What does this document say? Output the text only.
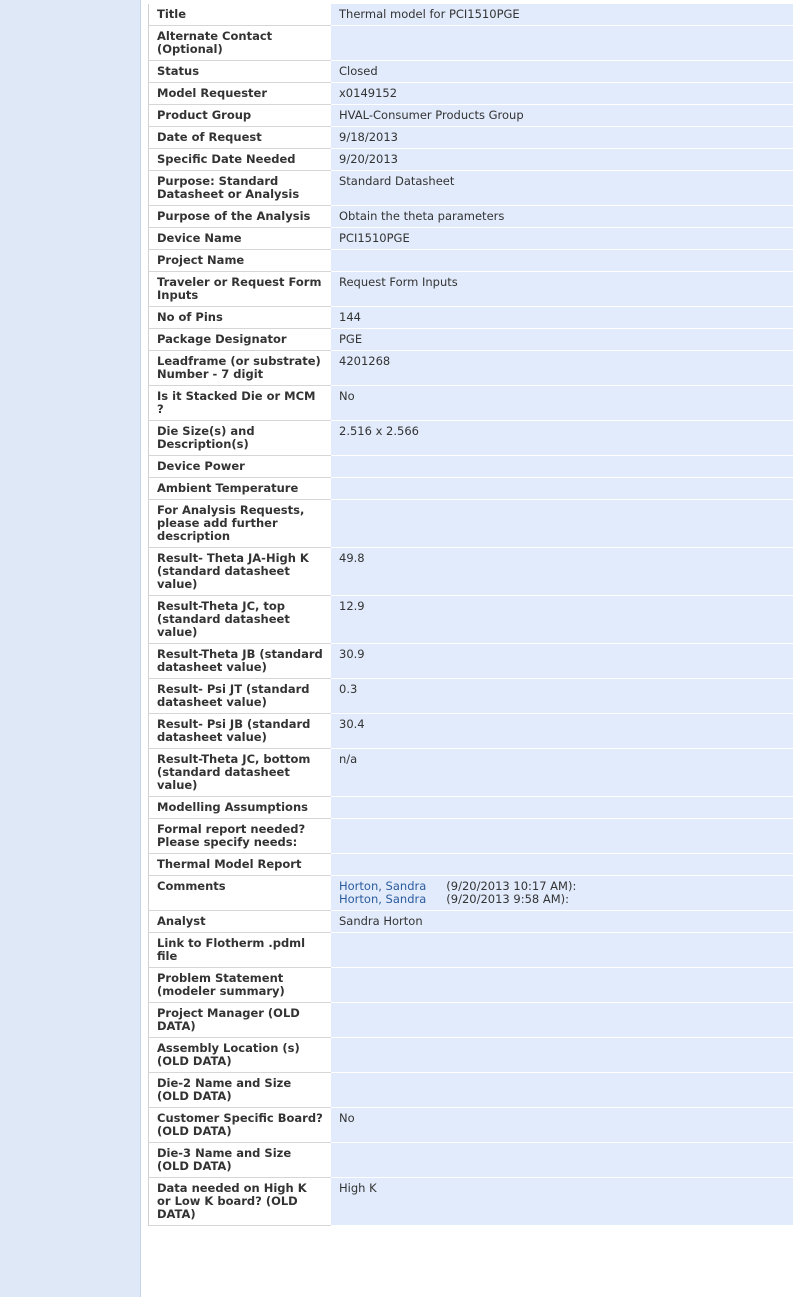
Title	Thermal model for PCI1510PGE
Alternate Contact (Optional)	
Status	Closed
Model Requester	x0149152
Product Group	HVAL-Consumer Products Group
Date of Request	9/18/2013
Specific Date Needed	9/20/2013
Purpose: Standard Datasheet or Analysis	Standard Datasheet
Purpose of the Analysis	Obtain the theta parameters
Device Name	PCI1510PGE
Project Name	
Traveler or Request Form Inputs	Request Form Inputs
No of Pins	144
Package Designator	PGE
Leadframe (or substrate) Number - 7 digit	4201268
Is it Stacked Die or MCM ?	No
Die Size(s) and Description(s)	2.516 x 2.566
Device Power	
Ambient Temperature	
For Analysis Requests, please add further description	
Result- Theta JA-High K (standard datasheet value)	49.8
Result-Theta JC, top (standard datasheet value)	12.9
Result-Theta JB (standard datasheet value)	30.9
Result- Psi JT (standard datasheet value)	0.3
Result- Psi JB (standard datasheet value)	30.4
Result-Theta JC, bottom (standard datasheet value)	n/a
Modelling Assumptions	
Formal report needed? Please specify needs:	
Thermal Model Report	
Comments	Horton, Sandra (9/20/2013 10:17 AM):
Horton, Sandra (9/20/2013 9:58 AM):

Analyst	Sandra Horton
Link to Flotherm .pdml file	
Problem Statement (modeler summary)	
Project Manager (OLD DATA)	
Assembly Location (s) (OLD DATA)	
Die-2 Name and Size (OLD DATA)	
Customer Specific Board? (OLD DATA)	No
Die-3 Name and Size (OLD DATA)	
Data needed on High K or Low K board? (OLD DATA)	High K
